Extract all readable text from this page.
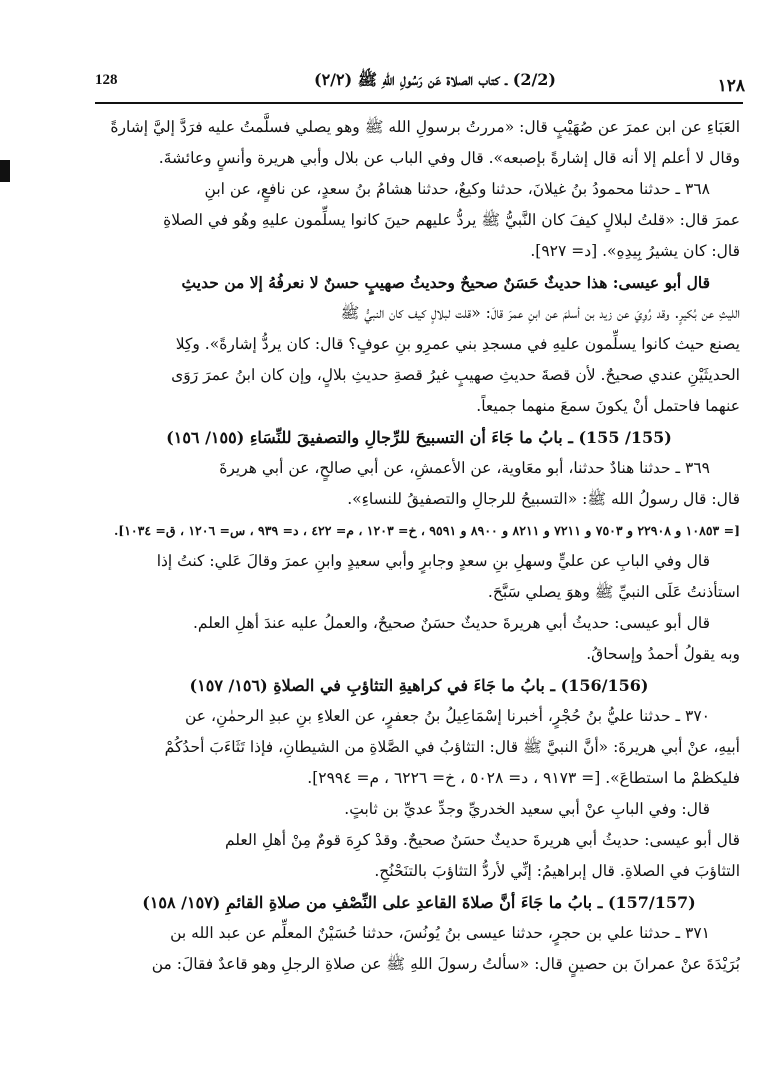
128	(2/2) ـ كتاب الصلاة عَن رَسُولِ اللهِ ﷺ (٢/٢)	١٢٨
العَبَاءِ عن ابن عمرَ عن صُهَيْبٍ قال: «مررتُ برسولِ الله ﷺ وهو يصلي فسلَّمتُ عليه فرَدَّ إليَّ إشارةً
وقال لا أعلم إلا أنه قال إشارةً بإصبعه». قال وفي الباب عن بلال وأبي هريرة وأنسٍ وعائشةَ.
٣٦٨ ـ حدثنا محمودُ بنُ غيلانَ، حدثنا وكيعٌ، حدثنا هشامُ بنُ سعدٍ، عن نافعٍ، عن ابنِ
عمرَ قال: «قلتُ لبلالٍ كيفَ كان النَّبيُّ ﷺ يردُّ عليهم حينَ كانوا يسلِّمون عليهِ وهُو في الصلاةِ
قال: كان يشيرُ بِيدِهِ». [د= ٩٢٧].
قال أبو عيسى: هذا حديثٌ حَسَنٌ صحيحٌ وحديثُ صهيبٍ حسنٌ لا نعرفُهُ إلا من حديثِ
الليثِ عن بُكيرٍ. وقد رُوِيَ عن زيد بن أسلمَ عن ابنِ عمرَ قالَ: «قلت لبلالٍ كيف كان النبيُّ ﷺ
يصنع حيث كانوا يسلِّمون عليهِ في مسجدِ بني عمرِو بنِ عوفٍ؟ قال: كان يردُّ إشارةً». وكِلا
الحديثَيْنِ عندي صحيحٌ. لأن قصةَ حديثِ صهيبٍ غيرُ قصةِ حديثِ بلالٍ، وإن كان ابنُ عمرَ رَوَى
عنهما فاحتمل أنْ يكونَ سمعَ منهما جميعاً.
(155/ 155) ـ بابُ ما جَاءَ أن التسبيحَ للرِّجالِ والتصفيقَ للنِّسَاءِ (١٥٥/ ١٥٦)
٣٦٩ ـ حدثنا هنادٌ حدثنا، أبو معَاوية، عن الأعمشِ، عن أبي صالحٍ، عن أبي هريرةَ
قال: قال رسولُ الله ﷺ: «التسبيحُ للرجالِ والتصفيقُ للنساءِ».
[= ١٠٨٥٣ و ٢٢٩٠٨ و ٧٥٠٣ و ٧٢١١ و ٨٢١١ و ٨٩٠٠ و ٩٥٩١ ، خ= ١٢٠٣ ، م= ٤٢٢ ، د= ٩٣٩ ، س= ١٢٠٦ ، ق= ١٠٣٤].
قال وفي البابِ عن عليٍّ وسهلِ بنِ سعدٍ وجابرٍ وأبي سعيدٍ وابنِ عمرَ وقالَ عَلي: كنتُ إذا
استأذنتُ عَلَى النبيِّ ﷺ وهوَ يصلي سَبَّحَ.
قال أبو عيسى: حديثُ أبي هريرةَ حديثٌ حسَنٌ صحيحٌ، والعملُ عليه عندَ أهلِ العلم.
وبه يقولُ أحمدُ وإسحاقُ.
(156/156) ـ بابُ ما جَاءَ في كراهيةِ التثاؤبِ في الصلاةِ (١٥٦/ ١٥٧)
٣٧٠ ـ حدثنا عليُّ بنُ حُجْرٍ، أخبرنا إسْمَاعِيلُ بنُ جعفرٍ، عن العلاءِ بنِ عبدِ الرحمٰنِ، عن
أبيهِ، عنْ أبي هريرةَ: «أنَّ النبيَّ ﷺ قال: التثاؤبُ في الصَّلاةِ من الشيطانِ، فإذا تَثَاءَبَ أحدُكُمْ
فليكظمْ ما استطاعَ». [= ٩١٧٣ ، د= ٥٠٢٨ ، خ= ٦٢٢٦ ، م= ٢٩٩٤].
قال: وفي البابِ عنْ أبي سعيد الخدريِّ وجدِّ عديِّ بن ثابتٍ.
قال أبو عيسى: حديثُ أبي هريرةَ حديثٌ حسَنٌ صحيحٌ. وقدْ كرِهَ قومٌ مِنْ أهلِ العلم
التثاؤبَ في الصلاةِ. قال إبراهيمُ: إنِّي لأردُّ التثاؤبَ بالتنَحْنُحِ.
(157/157) ـ بابُ ما جَاءَ أنَّ صلاةَ القاعدِ على النِّصْفِ من صلاةِ القائمِ (١٥٧/ ١٥٨)
٣٧١ ـ حدثنا علي بن حجرٍ، حدثنا عيسى بنُ يُونُسَ، حدثنا حُسَيْنٌ المعلِّم عن عبد الله بن
بُرَيْدَةَ عنْ عمرانَ بن حصينٍ قال: «سألتُ رسولَ اللهِ ﷺ عن صلاةِ الرجلِ وهو قاعدٌ فقالَ: من
